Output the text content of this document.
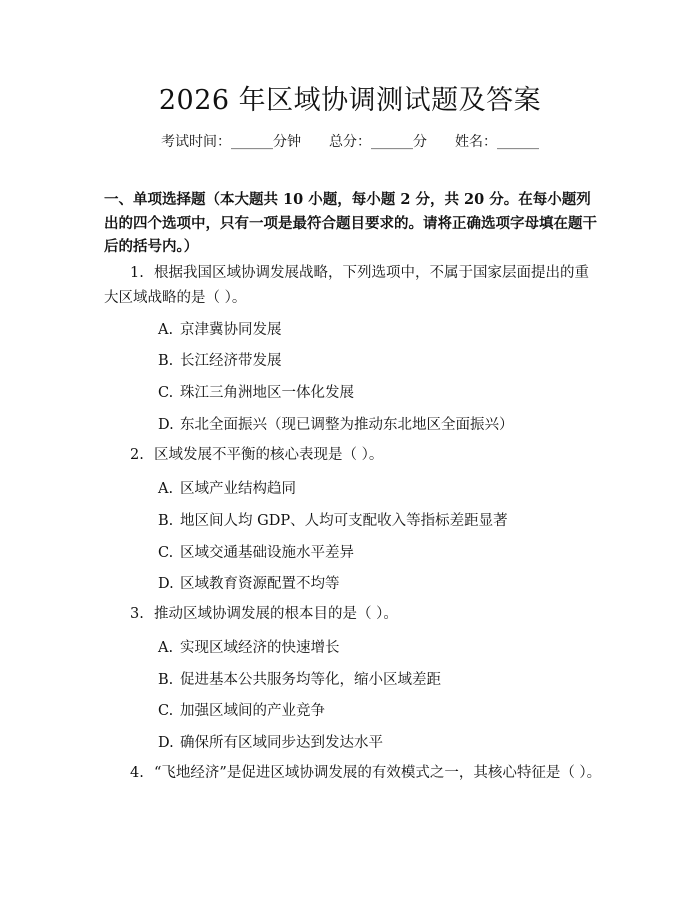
2026 年区域协调测试题及答案
考试时间：______分钟 总分：______分 姓名：______
一、单项选择题（本大题共 10 小题，每小题 2 分，共 20 分。在每小题列出的四个选项中，只有一项是最符合题目要求的。请将正确选项字母填在题干后的括号内。）
1. 根据我国区域协调发展战略，下列选项中，不属于国家层面提出的重大区域战略的是（ ）。
A. 京津冀协同发展
B. 长江经济带发展
C. 珠江三角洲地区一体化发展
D. 东北全面振兴（现已调整为推动东北地区全面振兴）
2. 区域发展不平衡的核心表现是（ ）。
A. 区域产业结构趋同
B. 地区间人均 GDP、人均可支配收入等指标差距显著
C. 区域交通基础设施水平差异
D. 区域教育资源配置不均等
3. 推动区域协调发展的根本目的是（ ）。
A. 实现区域经济的快速增长
B. 促进基本公共服务均等化，缩小区域差距
C. 加强区域间的产业竞争
D. 确保所有区域同步达到发达水平
4. “飞地经济”是促进区域协调发展的有效模式之一，其核心特征是（ ）。
